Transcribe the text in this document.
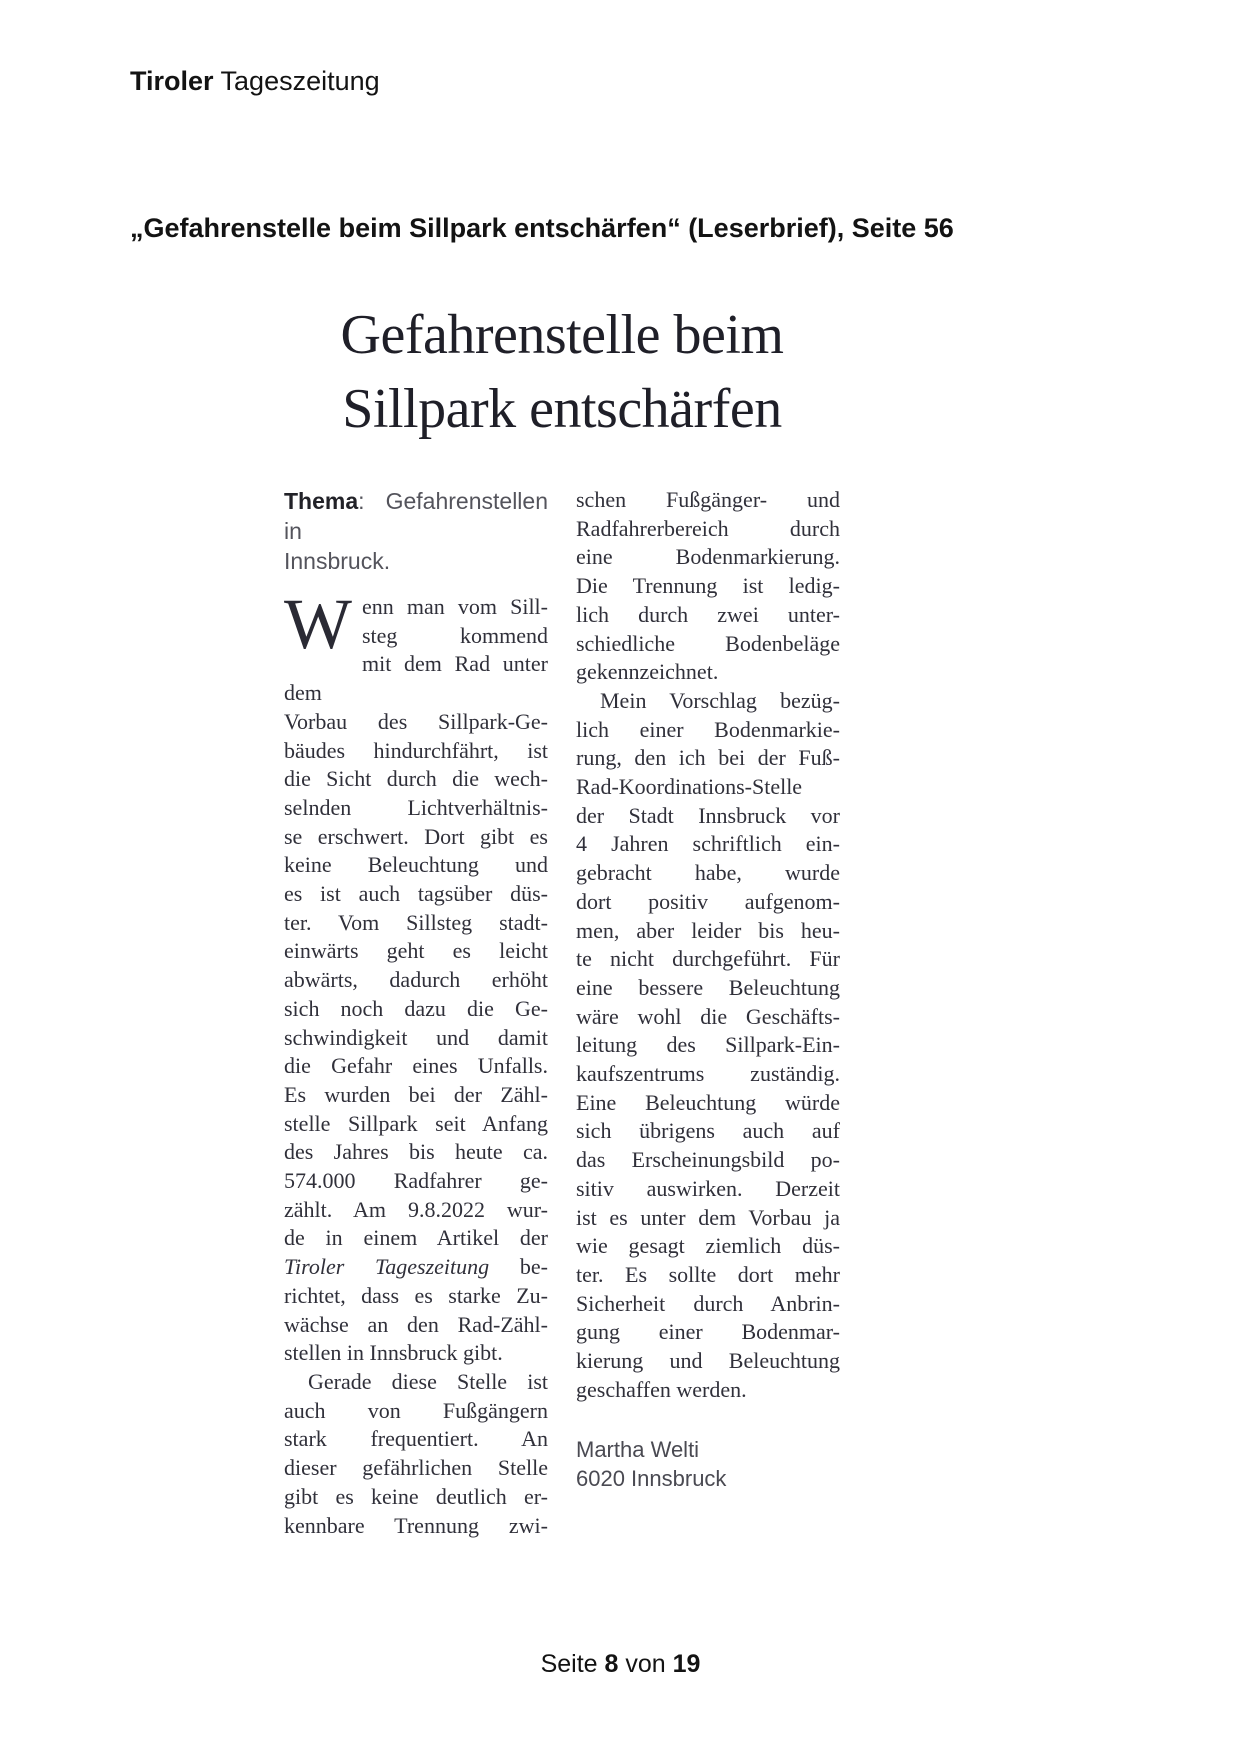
Tiroler Tageszeitung
„Gefahrenstelle beim Sillpark entschärfen“ (Leserbrief), Seite 56
Gefahrenstelle beim
Sillpark entschärfen
Thema: Gefahrenstellen in
Innsbruck.
W enn man vom Sill-
steg kommend
mit dem Rad unter dem
Vorbau des Sillpark-Ge-
bäudes hindurchfährt, ist
die Sicht durch die wech-
selnden Lichtverhältnis-
se erschwert. Dort gibt es
keine Beleuchtung und
es ist auch tagsüber düs-
ter. Vom Sillsteg stadt-
einwärts geht es leicht
abwärts, dadurch erhöht
sich noch dazu die Ge-
schwindigkeit und damit
die Gefahr eines Unfalls.
Es wurden bei der Zähl-
stelle Sillpark seit Anfang
des Jahres bis heute ca.
574.000 Radfahrer ge-
zählt. Am 9.8.2022 wur-
de in einem Artikel der
Tiroler Tageszeitung be-
richtet, dass es starke Zu-
wächse an den Rad-Zähl-
stellen in Innsbruck gibt.
Gerade diese Stelle ist
auch von Fußgängern
stark frequentiert. An
dieser gefährlichen Stelle
gibt es keine deutlich er-
kennbare Trennung zwi-
schen Fußgänger- und
Radfahrerbereich durch
eine Bodenmarkierung.
Die Trennung ist ledig-
lich durch zwei unter-
schiedliche Bodenbeläge
gekennzeichnet.
Mein Vorschlag bezüg-
lich einer Bodenmarkie-
rung, den ich bei der Fuß-
Rad-Koordinations-Stelle
der Stadt Innsbruck vor
4 Jahren schriftlich ein-
gebracht habe, wurde
dort positiv aufgenom-
men, aber leider bis heu-
te nicht durchgeführt. Für
eine bessere Beleuchtung
wäre wohl die Geschäfts-
leitung des Sillpark-Ein-
kaufszentrums zuständig.
Eine Beleuchtung würde
sich übrigens auch auf
das Erscheinungsbild po-
sitiv auswirken. Derzeit
ist es unter dem Vorbau ja
wie gesagt ziemlich düs-
ter. Es sollte dort mehr
Sicherheit durch Anbrin-
gung einer Bodenmar-
kierung und Beleuchtung
geschaffen werden.
Martha Welti
6020 Innsbruck
Seite 8 von 19
